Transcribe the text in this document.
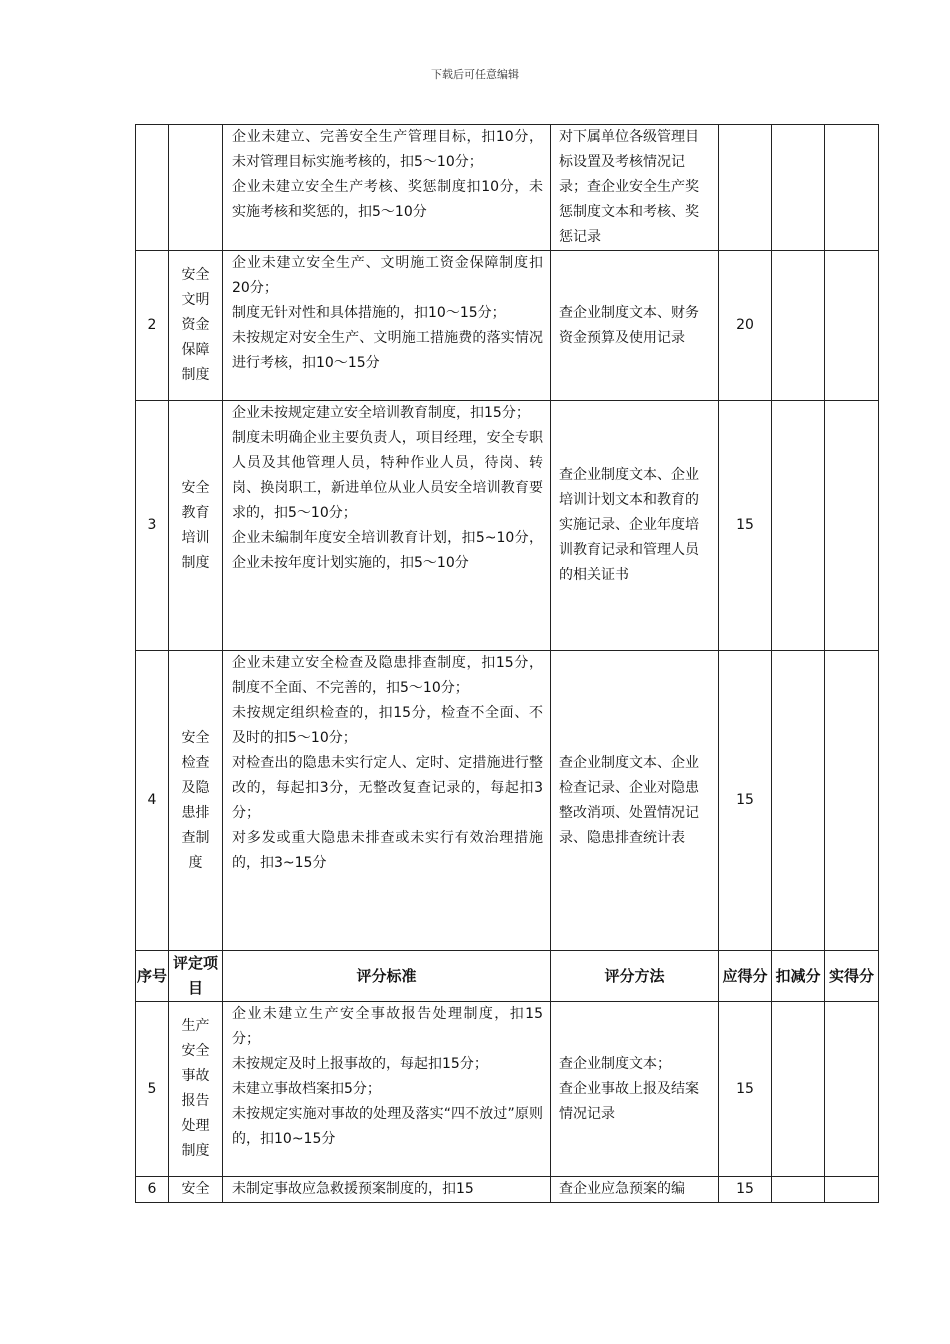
下载后可任意编辑

		企业未建立、完善安全生产管理目标，扣10分，未对管理目标实施考核的，扣5～10分；
企业未建立安全生产考核、奖惩制度扣10分，未实施考核和奖惩的，扣5～10分	对下属单位各级管理目标设置及考核情况记录；查企业安全生产奖惩制度文本和考核、奖惩记录			

2	安全文明资金保障制度	企业未建立安全生产、文明施工资金保障制度扣20分；
制度无针对性和具体措施的，扣10～15分；
未按规定对安全生产、文明施工措施费的落实情况进行考核，扣10～15分	查企业制度文本、财务资金预算及使用记录	20		
3	安全教育培训制度	企业未按规定建立安全培训教育制度，扣15分；
制度未明确企业主要负责人，项目经理，安全专职人员及其他管理人员，特种作业人员，待岗、转岗、换岗职工，新进单位从业人员安全培训教育要求的，扣5～10分；
企业未编制年度安全培训教育计划，扣5~10分，企业未按年度计划实施的，扣5～10分	查企业制度文本、企业培训计划文本和教育的实施记录、企业年度培训教育记录和管理人员的相关证书	15		
4	安全检查及隐患排查制度	企业未建立安全检查及隐患排查制度，扣15分，制度不全面、不完善的，扣5～10分；
未按规定组织检查的，扣15分，检查不全面、不及时的扣5～10分；
对检查出的隐患未实行定人、定时、定措施进行整改的，每起扣3分，无整改复查记录的，每起扣3分；
对多发或重大隐患未排查或未实行有效治理措施的，扣3~15分	查企业制度文本、企业检查记录、企业对隐患整改消项、处置情况记录、隐患排查统计表	15		
序号	评定项目	评分标准	评分方法	应得分	扣减分	实得分
5	生产安全事故报告处理制度	企业未建立生产安全事故报告处理制度，扣15分；
未按规定及时上报事故的，每起扣15分；
未建立事故档案扣5分；
未按规定实施对事故的处理及落实“四不放过”原则的，扣10~15分	查企业制度文本；
查企业事故上报及结案情况记录	15		
6	安全	未制定事故应急救援预案制度的，扣15	查企业应急预案的编	15		
